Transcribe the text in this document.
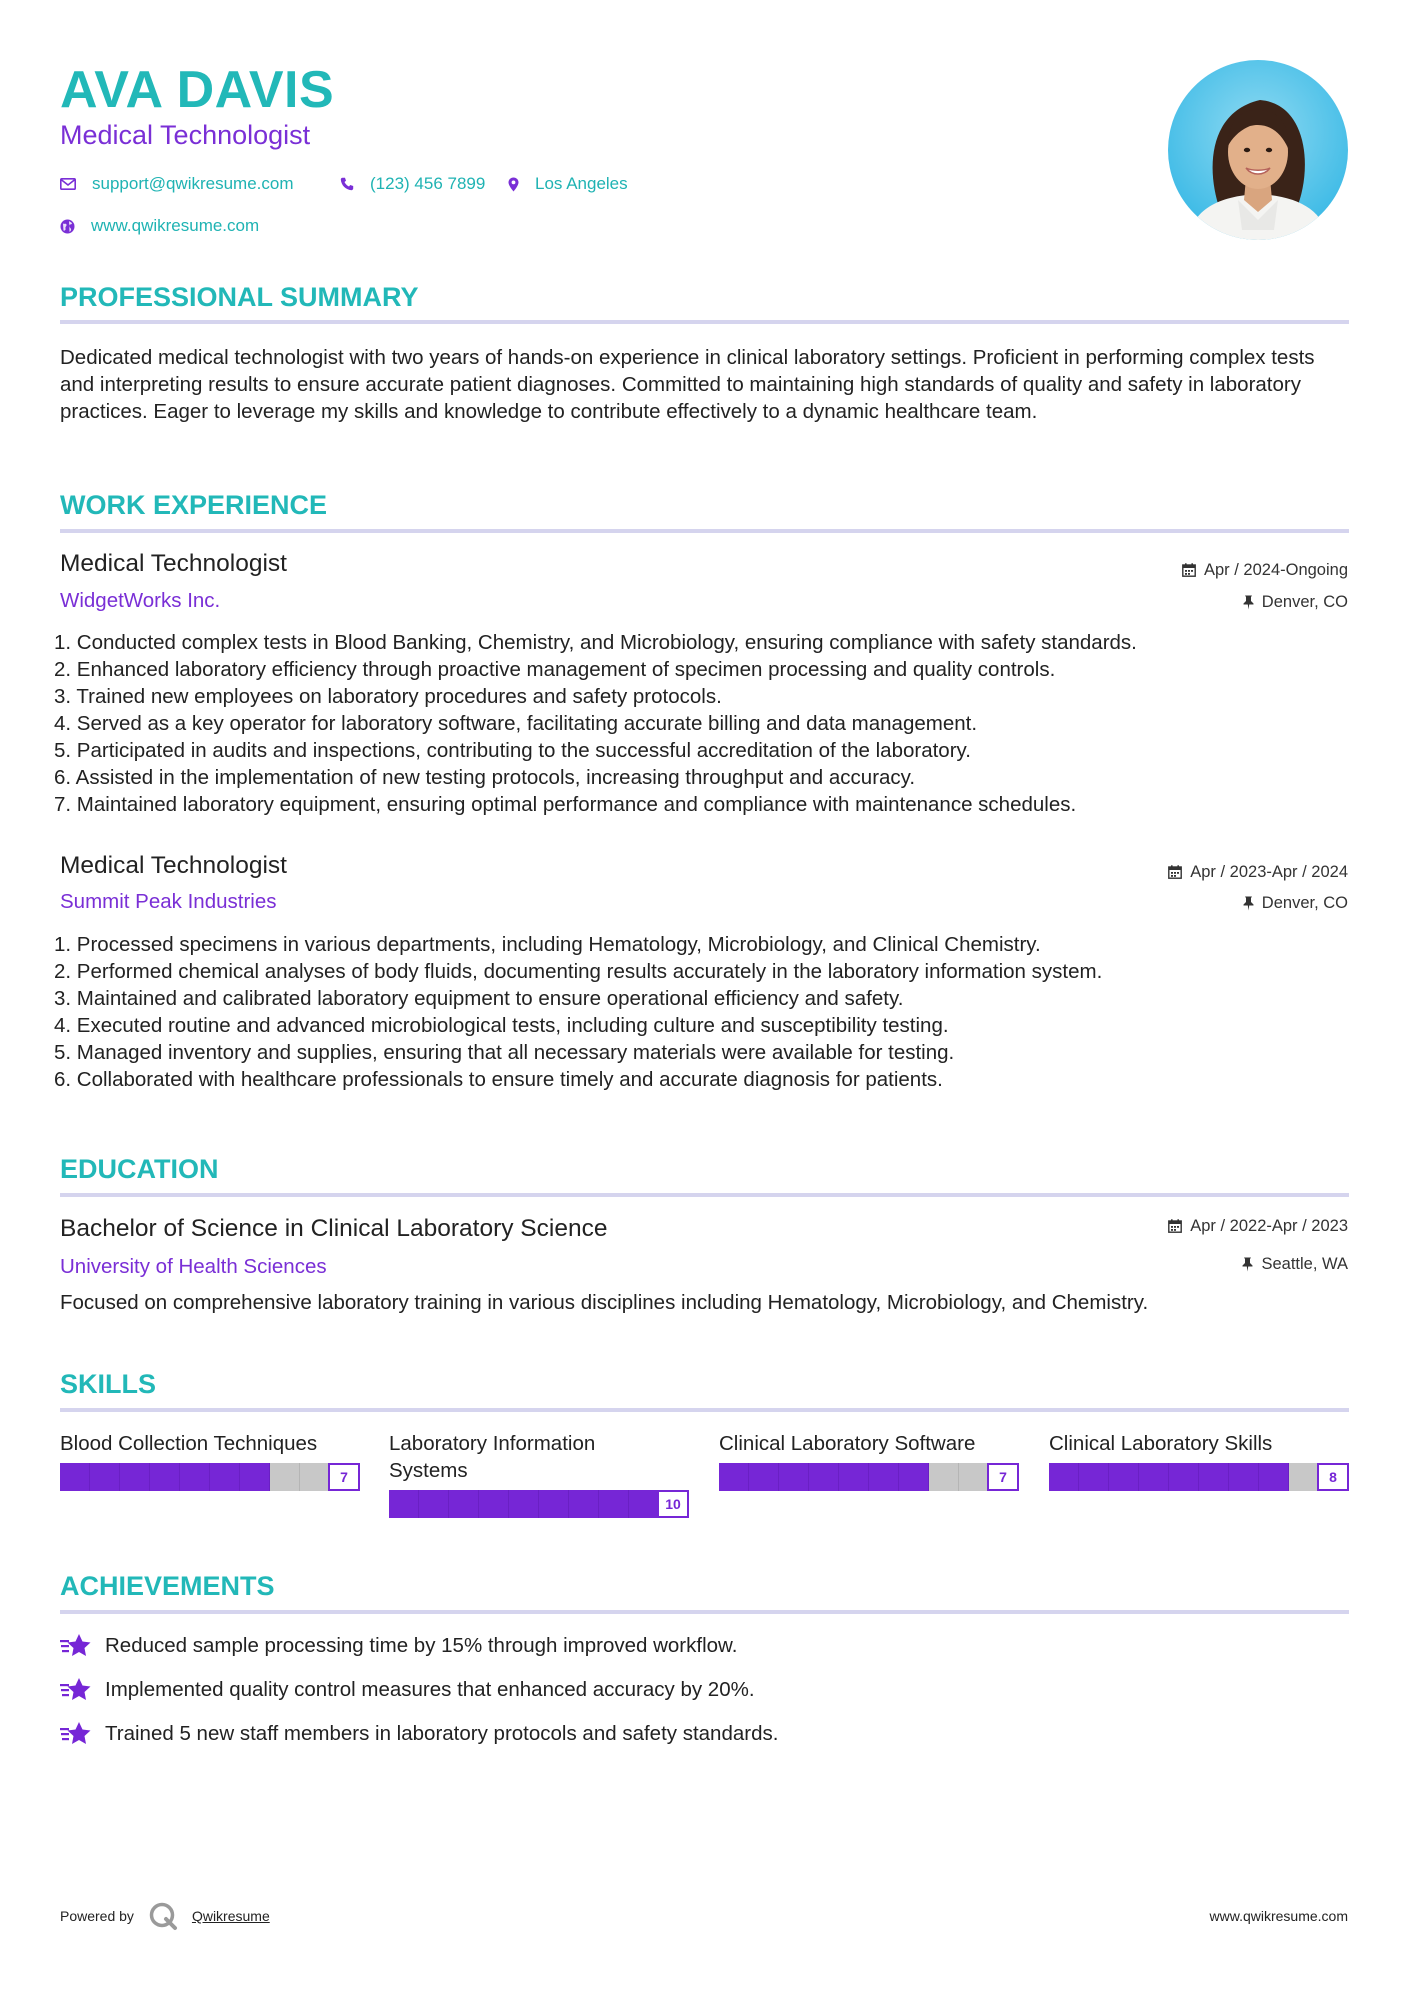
AVA DAVIS
Medical Technologist
support@qwikresume.com	(123) 456 7899	Los Angeles
www.qwikresume.com
PROFESSIONAL SUMMARY
Dedicated medical technologist with two years of hands-on experience in clinical laboratory settings. Proficient in performing complex tests and interpreting results to ensure accurate patient diagnoses. Committed to maintaining high standards of quality and safety in laboratory practices. Eager to leverage my skills and knowledge to contribute effectively to a dynamic healthcare team.
WORK EXPERIENCE
Medical Technologist	Apr / 2024-Ongoing
WidgetWorks Inc.	Denver, CO
1. Conducted complex tests in Blood Banking, Chemistry, and Microbiology, ensuring compliance with safety standards.
2. Enhanced laboratory efficiency through proactive management of specimen processing and quality controls.
3. Trained new employees on laboratory procedures and safety protocols.
4. Served as a key operator for laboratory software, facilitating accurate billing and data management.
5. Participated in audits and inspections, contributing to the successful accreditation of the laboratory.
6. Assisted in the implementation of new testing protocols, increasing throughput and accuracy.
7. Maintained laboratory equipment, ensuring optimal performance and compliance with maintenance schedules.
Medical Technologist	Apr / 2023-Apr / 2024
Summit Peak Industries	Denver, CO
1. Processed specimens in various departments, including Hematology, Microbiology, and Clinical Chemistry.
2. Performed chemical analyses of body fluids, documenting results accurately in the laboratory information system.
3. Maintained and calibrated laboratory equipment to ensure operational efficiency and safety.
4. Executed routine and advanced microbiological tests, including culture and susceptibility testing.
5. Managed inventory and supplies, ensuring that all necessary materials were available for testing.
6. Collaborated with healthcare professionals to ensure timely and accurate diagnosis for patients.
EDUCATION
Bachelor of Science in Clinical Laboratory Science	Apr / 2022-Apr / 2023
University of Health Sciences	Seattle, WA
Focused on comprehensive laboratory training in various disciplines including Hematology, Microbiology, and Chemistry.
SKILLS
Blood Collection Techniques
7
Laboratory Information Systems
10
Clinical Laboratory Software
7
Clinical Laboratory Skills
8
ACHIEVEMENTS
Reduced sample processing time by 15% through improved workflow.
Implemented quality control measures that enhanced accuracy by 20%.
Trained 5 new staff members in laboratory protocols and safety standards.
Powered by	Qwikresume	www.qwikresume.com
